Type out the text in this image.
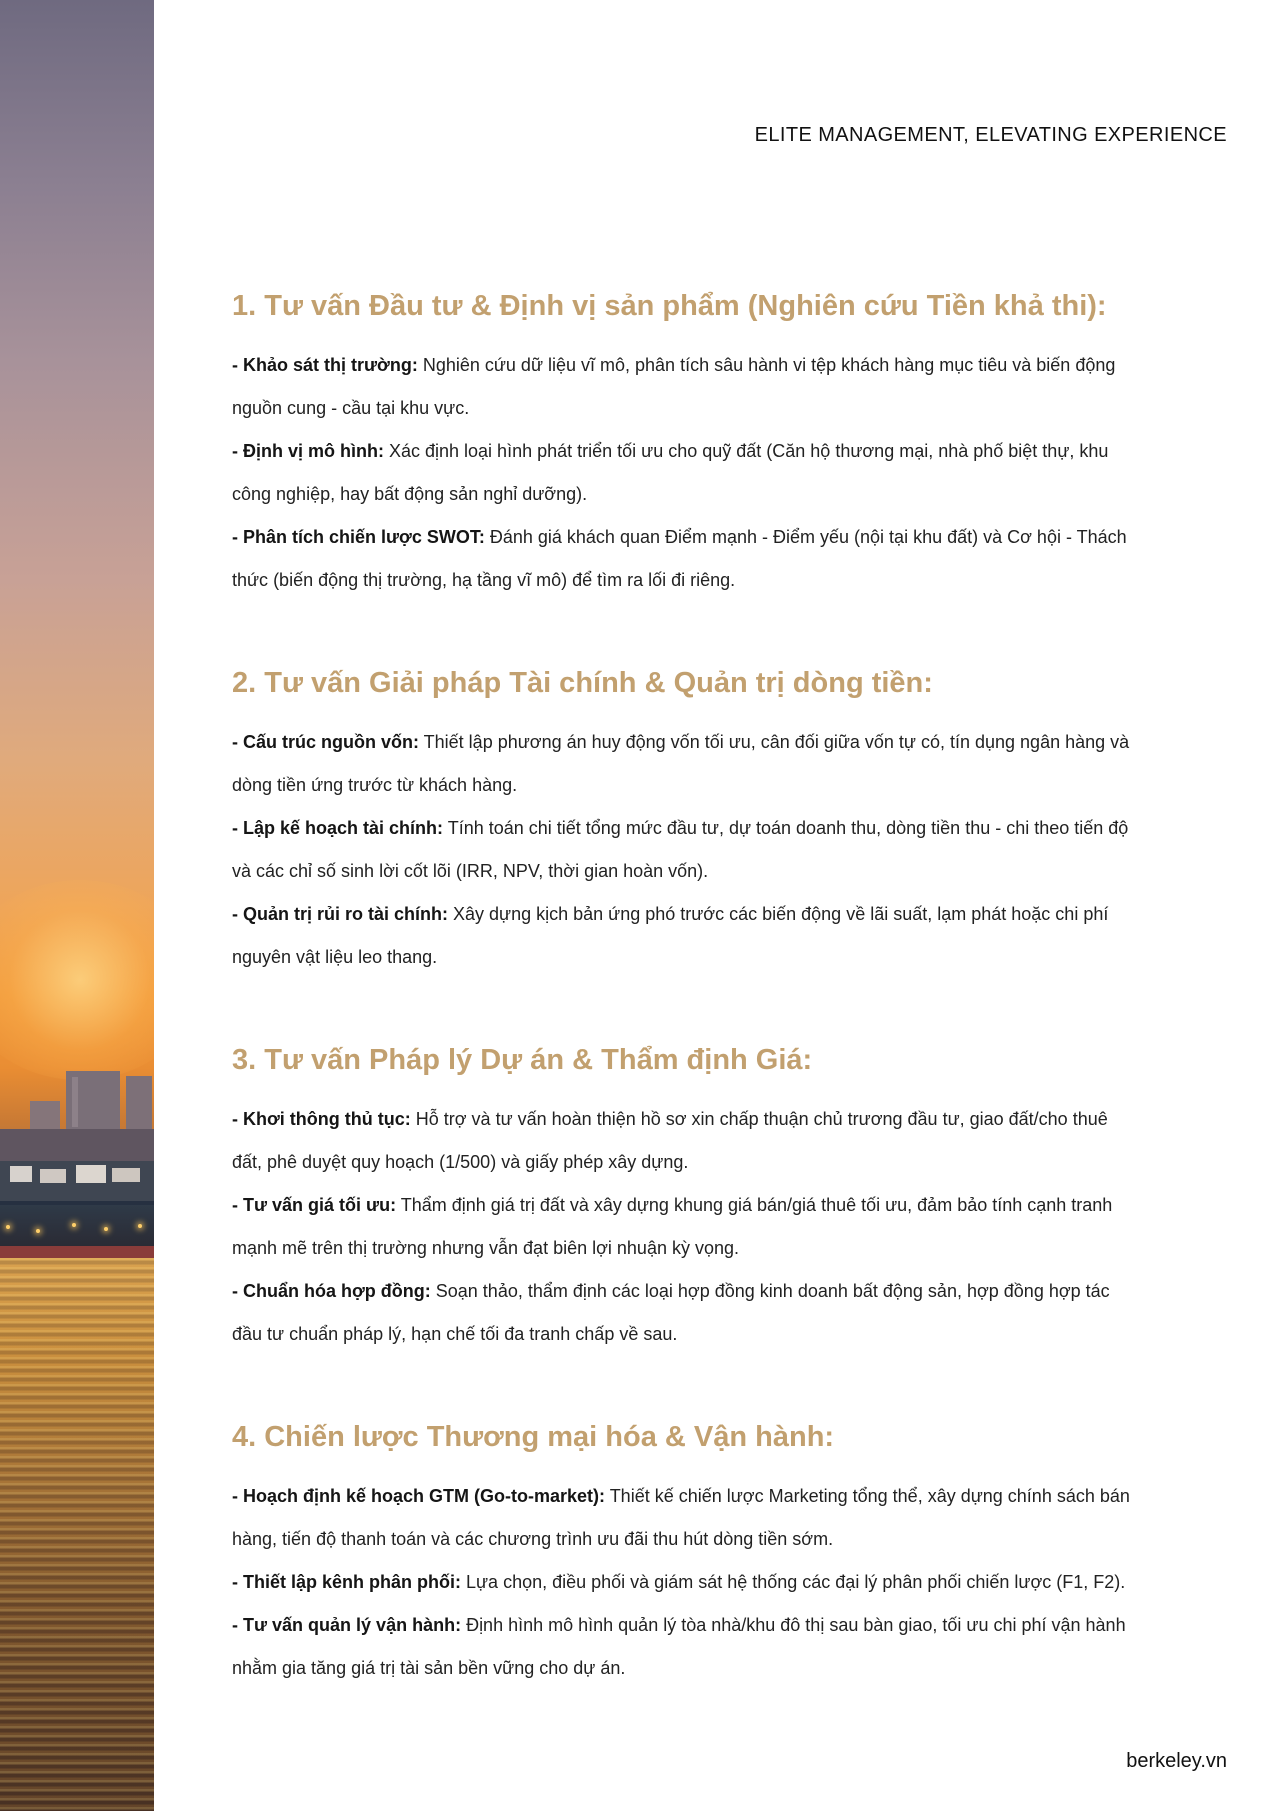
ELITE MANAGEMENT, ELEVATING EXPERIENCE
1. Tư vấn Đầu tư & Định vị sản phẩm (Nghiên cứu Tiền khả thi):

- Khảo sát thị trường: Nghiên cứu dữ liệu vĩ mô, phân tích sâu hành vi tệp khách hàng mục tiêu và biến động nguồn cung - cầu tại khu vực.

- Định vị mô hình: Xác định loại hình phát triển tối ưu cho quỹ đất (Căn hộ thương mại, nhà phố biệt thự, khu công nghiệp, hay bất động sản nghỉ dưỡng).

- Phân tích chiến lược SWOT: Đánh giá khách quan Điểm mạnh - Điểm yếu (nội tại khu đất) và Cơ hội - Thách thức (biến động thị trường, hạ tầng vĩ mô) để tìm ra lối đi riêng.

2. Tư vấn Giải pháp Tài chính & Quản trị dòng tiền:

- Cấu trúc nguồn vốn: Thiết lập phương án huy động vốn tối ưu, cân đối giữa vốn tự có, tín dụng ngân hàng và dòng tiền ứng trước từ khách hàng.

- Lập kế hoạch tài chính: Tính toán chi tiết tổng mức đầu tư, dự toán doanh thu, dòng tiền thu - chi theo tiến độ và các chỉ số sinh lời cốt lõi (IRR, NPV, thời gian hoàn vốn).

- Quản trị rủi ro tài chính: Xây dựng kịch bản ứng phó trước các biến động về lãi suất, lạm phát hoặc chi phí nguyên vật liệu leo thang.

3. Tư vấn Pháp lý Dự án & Thẩm định Giá:

- Khơi thông thủ tục: Hỗ trợ và tư vấn hoàn thiện hồ sơ xin chấp thuận chủ trương đầu tư, giao đất/cho thuê đất, phê duyệt quy hoạch (1/500) và giấy phép xây dựng.

- Tư vấn giá tối ưu: Thẩm định giá trị đất và xây dựng khung giá bán/giá thuê tối ưu, đảm bảo tính cạnh tranh mạnh mẽ trên thị trường nhưng vẫn đạt biên lợi nhuận kỳ vọng.

- Chuẩn hóa hợp đồng: Soạn thảo, thẩm định các loại hợp đồng kinh doanh bất động sản, hợp đồng hợp tác đầu tư chuẩn pháp lý, hạn chế tối đa tranh chấp về sau.

4. Chiến lược Thương mại hóa & Vận hành:

- Hoạch định kế hoạch GTM (Go-to-market): Thiết kế chiến lược Marketing tổng thể, xây dựng chính sách bán hàng, tiến độ thanh toán và các chương trình ưu đãi thu hút dòng tiền sớm.

- Thiết lập kênh phân phối: Lựa chọn, điều phối và giám sát hệ thống các đại lý phân phối chiến lược (F1, F2).

- Tư vấn quản lý vận hành: Định hình mô hình quản lý tòa nhà/khu đô thị sau bàn giao, tối ưu chi phí vận hành nhằm gia tăng giá trị tài sản bền vững cho dự án.

berkeley.vn
